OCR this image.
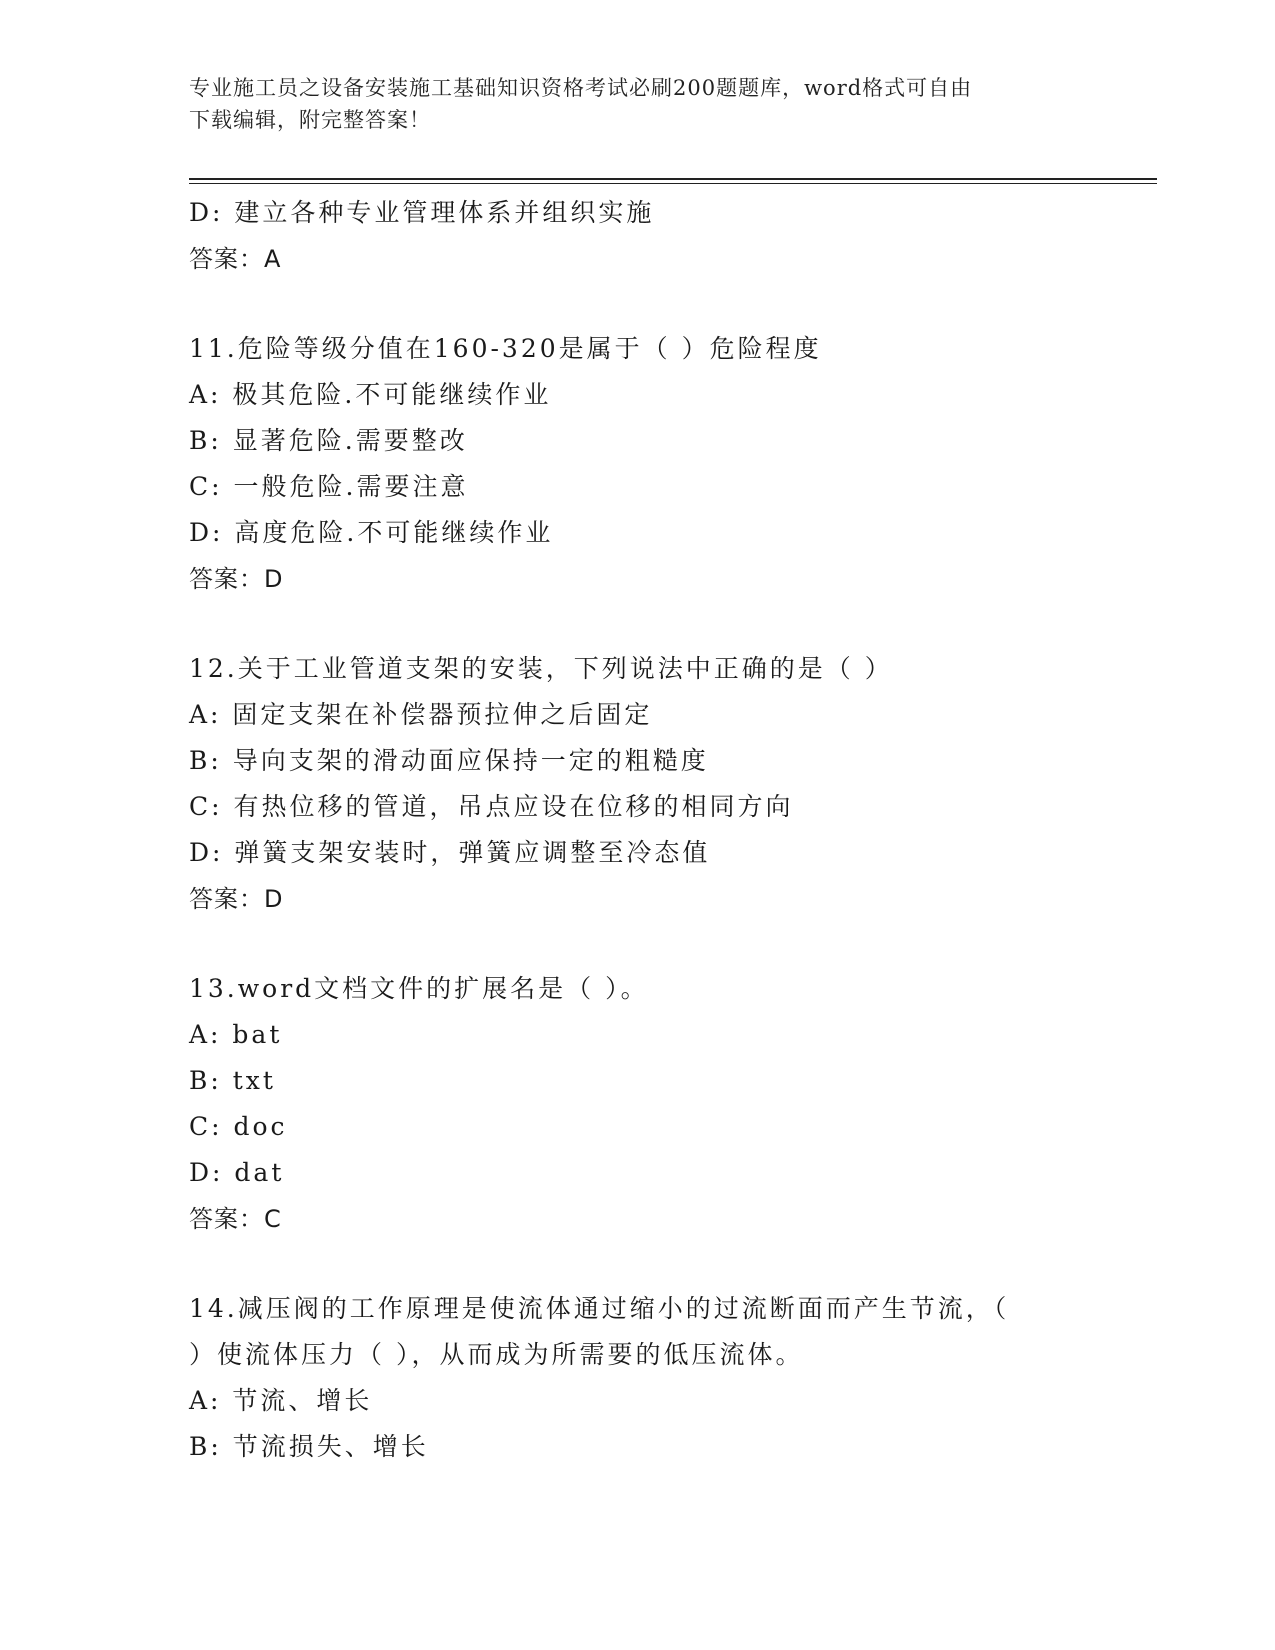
专业施工员之设备安装施工基础知识资格考试必刷200题题库，word格式可自由
下载编辑，附完整答案！
D: 建立各种专业管理体系并组织实施
答案：A
11.危险等级分值在160-320是属于（ ）危险程度
A: 极其危险.不可能继续作业
B: 显著危险.需要整改
C: 一般危险.需要注意
D: 高度危险.不可能继续作业
答案：D
12.关于工业管道支架的安装，下列说法中正确的是（ ）
A: 固定支架在补偿器预拉伸之后固定
B: 导向支架的滑动面应保持一定的粗糙度
C: 有热位移的管道，吊点应设在位移的相同方向
D: 弹簧支架安装时，弹簧应调整至冷态值
答案：D
13.word文档文件的扩展名是（ ）。
A: bat
B: txt
C: doc
D: dat
答案：C
14.减压阀的工作原理是使流体通过缩小的过流断面而产生节流，（
）使流体压力（ ），从而成为所需要的低压流体。
A: 节流、增长
B: 节流损失、增长
